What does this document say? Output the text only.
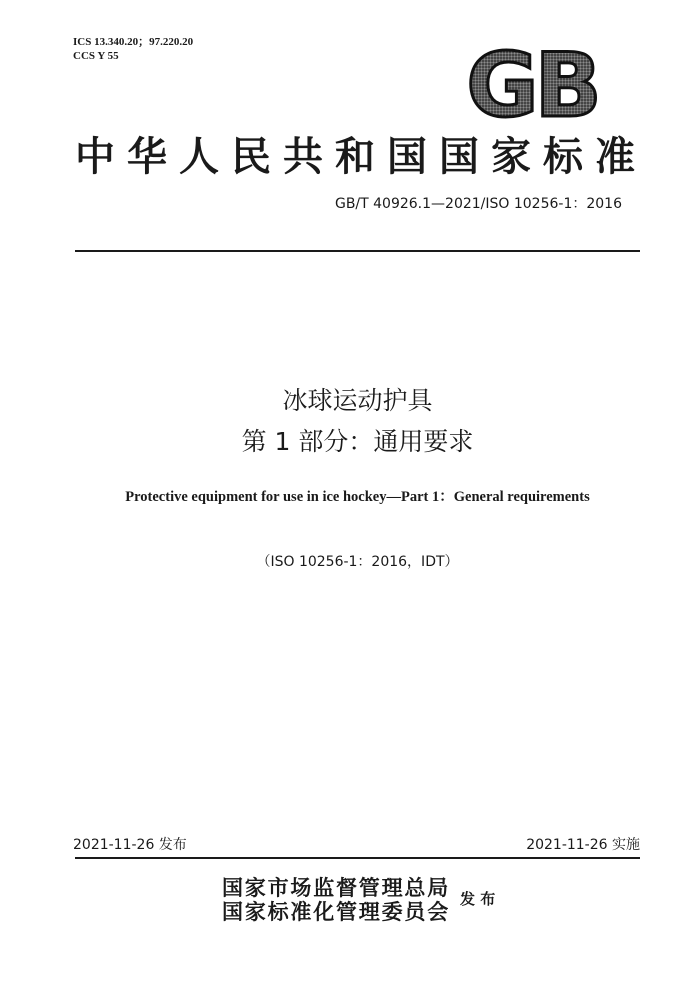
ICS 13.340.20；97.220.20
CCS Y 55	GB
中华人民共和国国家标准
GB/T 40926.1—2021/ISO 10256-1：2016
冰球运动护具
第 1 部分：通用要求
Protective equipment for use in ice hockey—Part 1：General requirements
（ISO 10256-1：2016，IDT）
2021-11-26 发布	2021-11-26 实施
国家市场监督管理总局
国家标准化管理委员会 发 布
